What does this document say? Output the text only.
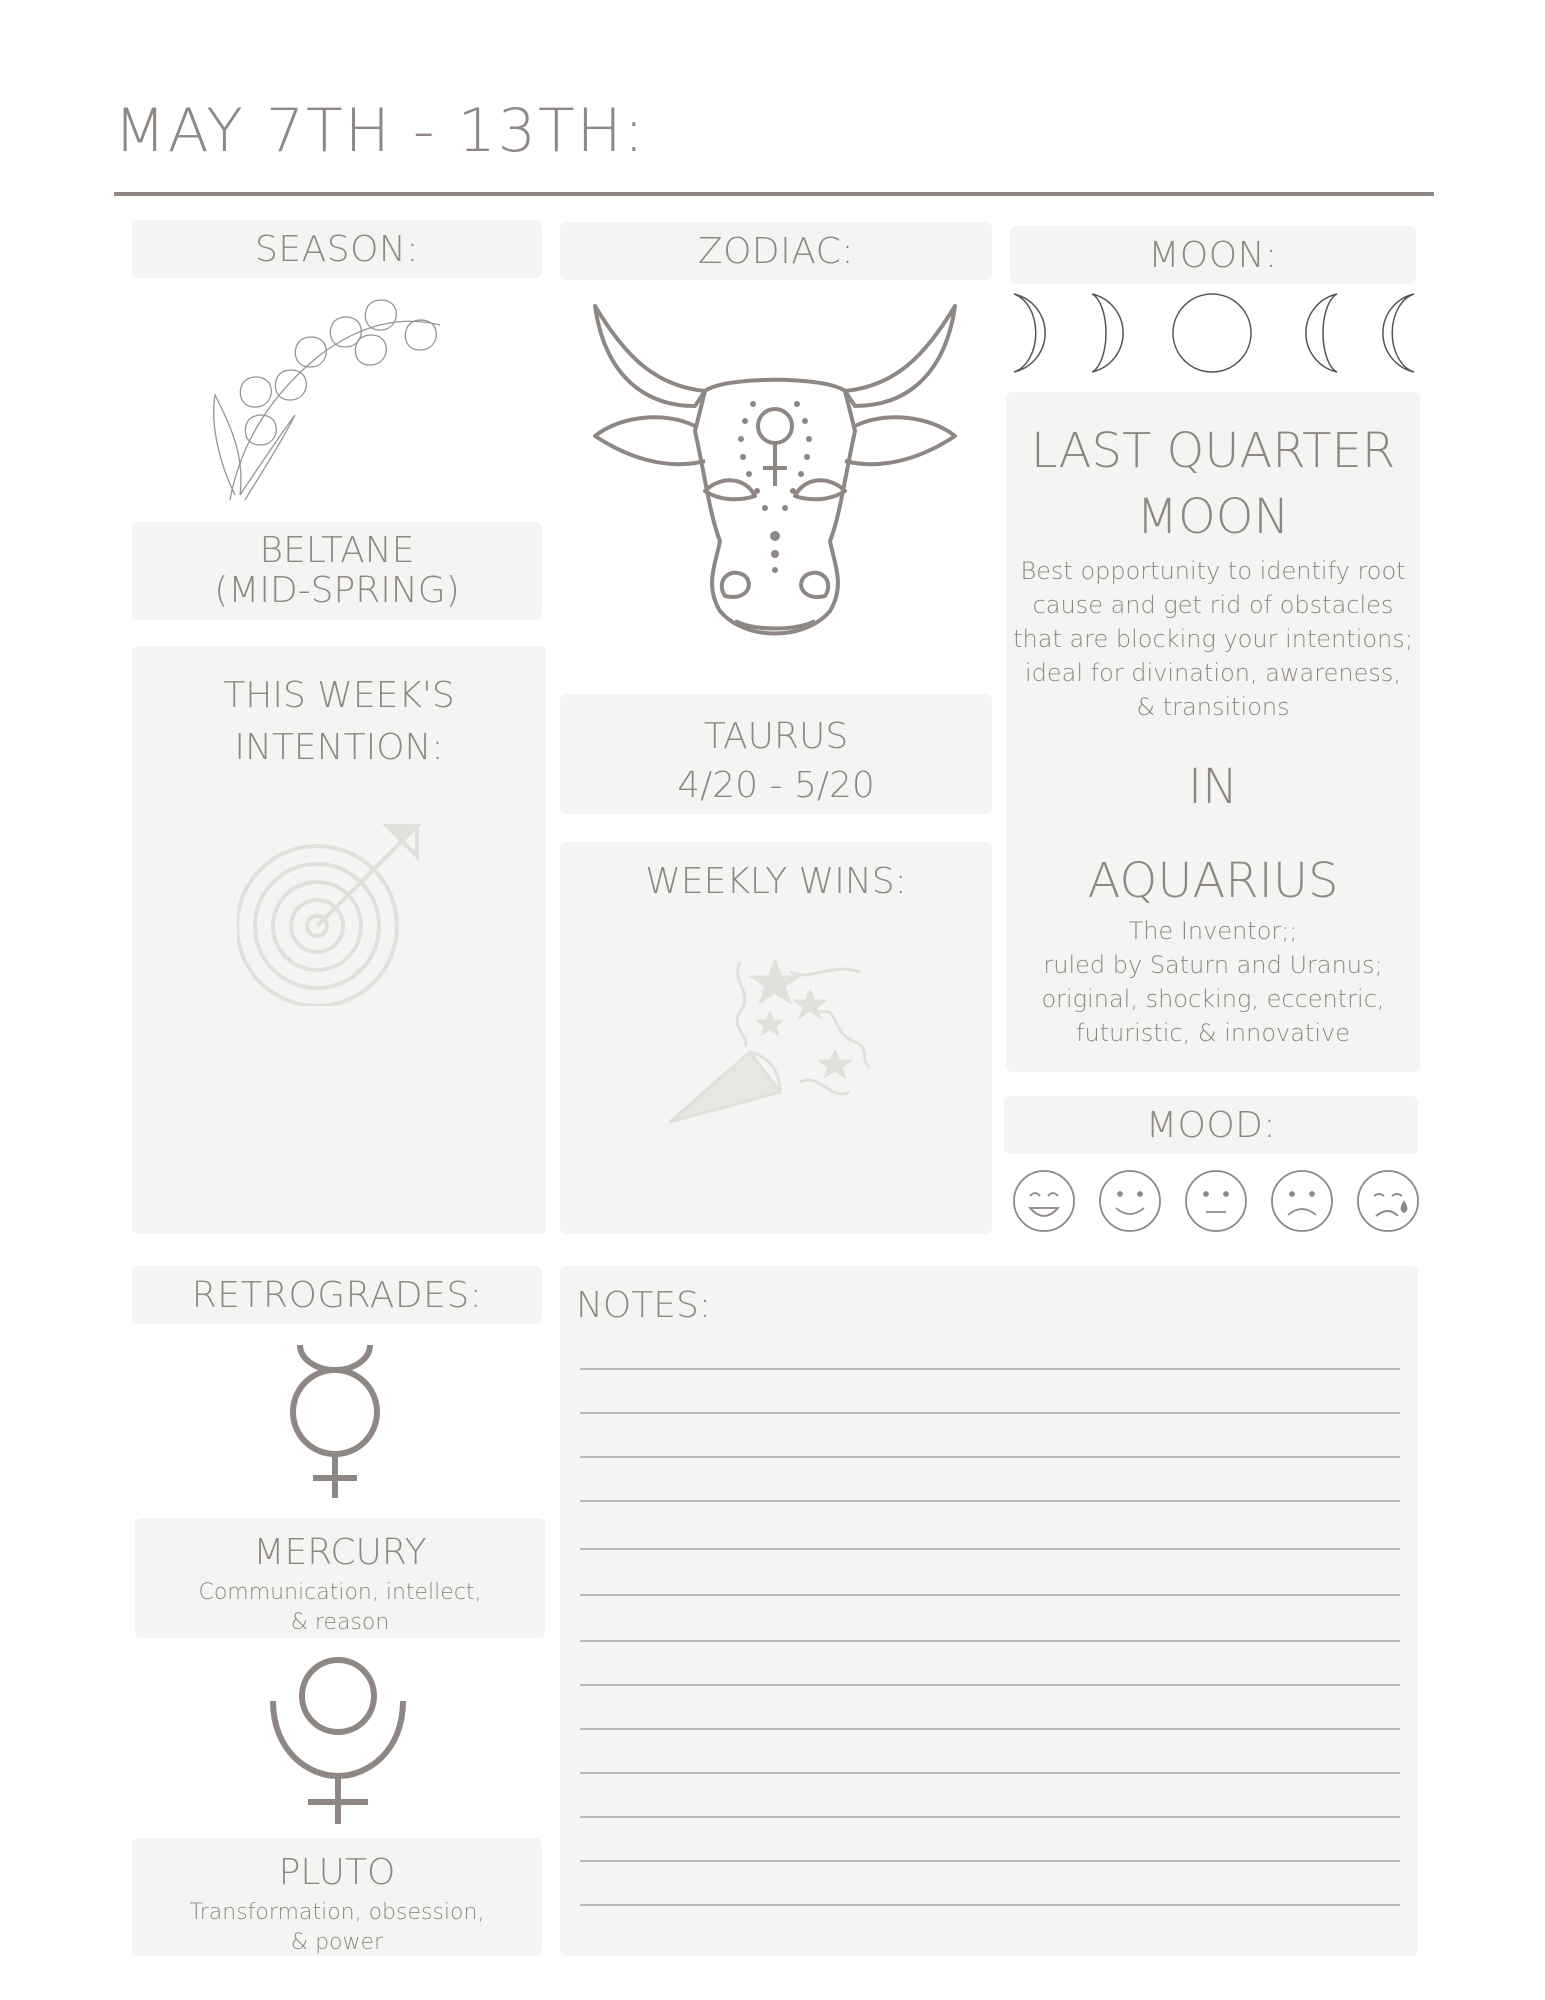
MAY 7TH - 13TH:
SEASON:
BELTANE
(MID-SPRING)
THIS WEEK'S
INTENTION:
ZODIAC:
TAURUS
4/20 - 5/20
WEEKLY WINS:
MOON:
LAST QUARTER
MOON
Best opportunity to identify root
cause and get rid of obstacles
that are blocking your intentions;
ideal for divination, awareness,
& transitions
IN
AQUARIUS
The Inventor;;
ruled by Saturn and Uranus;
original, shocking, eccentric,
futuristic, & innovative
MOOD:
RETROGRADES:
MERCURY
Communication, intellect,
& reason
PLUTO
Transformation, obsession,
& power
NOTES:
